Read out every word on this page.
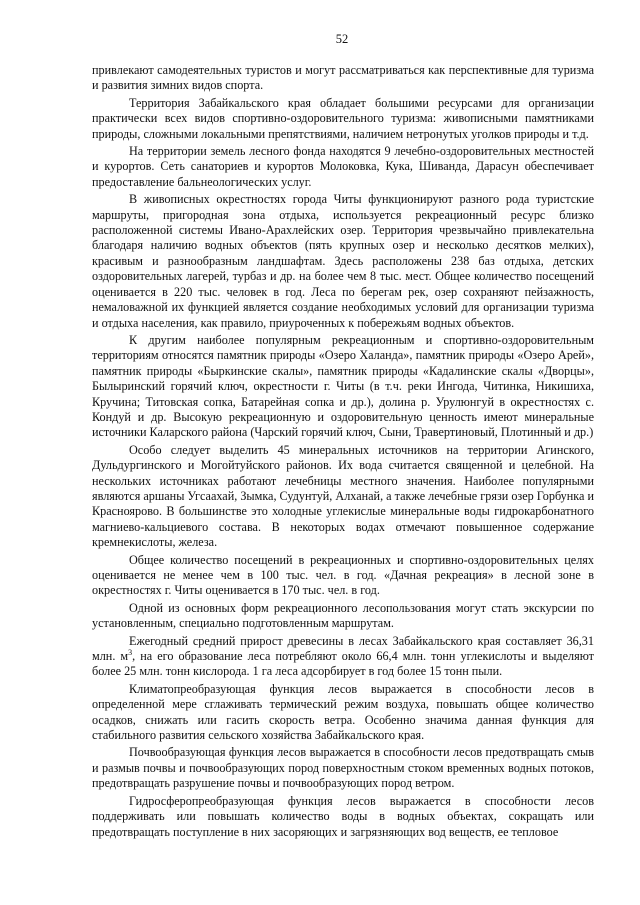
52

привлекают самодеятельных туристов и могут рассматриваться как перспективные для туризма и развития зимних видов спорта.

Территория Забайкальского края обладает большими ресурсами для организации практически всех видов спортивно-оздоровительного туризма: живописными памятниками природы, сложными локальными препятствиями, наличием нетронутых уголков природы и т.д.

На территории земель лесного фонда находятся 9 лечебно-оздоровительных местностей и курортов. Сеть санаториев и курортов Молоковка, Кука, Шиванда, Дарасун обеспечивает предоставление бальнеологических услуг.

В живописных окрестностях города Читы функционируют разного рода туристские маршруты, пригородная зона отдыха, используется рекреационный ресурс близко расположенной системы Ивано-Арахлейских озер. Территория чрезвычайно привлекательна благодаря наличию водных объектов (пять крупных озер и несколько десятков мелких), красивым и разнообразным ландшафтам. Здесь расположены 238 баз отдыха, детских оздоровительных лагерей, турбаз и др. на более чем 8 тыс. мест. Общее количество посещений оценивается в 220 тыс. человек в год. Леса по берегам рек, озер сохраняют пейзажность, немаловажной их функцией является создание необходимых условий для организации туризма и отдыха населения, как правило, приуроченных к побережьям водных объектов.

К другим наиболее популярным рекреационным и спортивно-оздоровительным территориям относятся памятник природы «Озеро Халанда», памятник природы «Озеро Арей», памятник природы «Быркинские скалы», памятник природы «Кадалинские скалы «Дворцы», Былыринский горячий ключ, окрестности г. Читы (в т.ч. реки Ингода, Читинка, Никишиха, Кручина; Титовская сопка, Батарейная сопка и др.), долина р. Урулюнгуй в окрестностях с. Кондуй и др. Высокую рекреационную и оздоровительную ценность имеют минеральные источники Каларского района (Чарский горячий ключ, Сыни, Травертиновый, Плотинный и др.)

Особо следует выделить 45 минеральных источников на территории Агинского, Дульдургинского и Могойтуйского районов. Их вода считается священной и целебной. На нескольких источниках работают лечебницы местного значения. Наиболее популярными являются аршаны Угсаахай, Зымка, Судунтуй, Алханай, а также лечебные грязи озер Горбунка и Красноярово. В большинстве это холодные углекислые минеральные воды гидрокарбонатного магниево-кальциевого состава. В некоторых водах отмечают повышенное содержание кремнекислоты, железа.

Общее количество посещений в рекреационных и спортивно-оздоровительных целях оценивается не менее чем в 100 тыс. чел. в год. «Дачная рекреация» в лесной зоне в окрестностях г. Читы оценивается в 170 тыс. чел. в год.

Одной из основных форм рекреационного лесопользования могут стать экскурсии по установленным, специально подготовленным маршрутам.

Ежегодный средний прирост древесины в лесах Забайкальского края составляет 36,31 млн. $м^3$, на его образование леса потребляют около 66,4 млн. тонн углекислоты и выделяют более 25 млн. тонн кислорода. 1 га леса адсорбирует в год более 15 тонн пыли.

Климатопреобразующая функция лесов выражается в способности лесов в определенной мере сглаживать термический режим воздуха, повышать общее количество осадков, снижать или гасить скорость ветра. Особенно значима данная функция для стабильного развития сельского хозяйства Забайкальского края.

Почвообразующая функция лесов выражается в способности лесов предотвращать смыв и размыв почвы и почвообразующих пород поверхностным стоком временных водных потоков, предотвращать разрушение почвы и почвообразующих пород ветром.

Гидросферопреобразующая функция лесов выражается в способности лесов поддерживать или повышать количество воды в водных объектах, сокращать или предотвращать поступление в них засоряющих и загрязняющих вод веществ, ее тепловое
